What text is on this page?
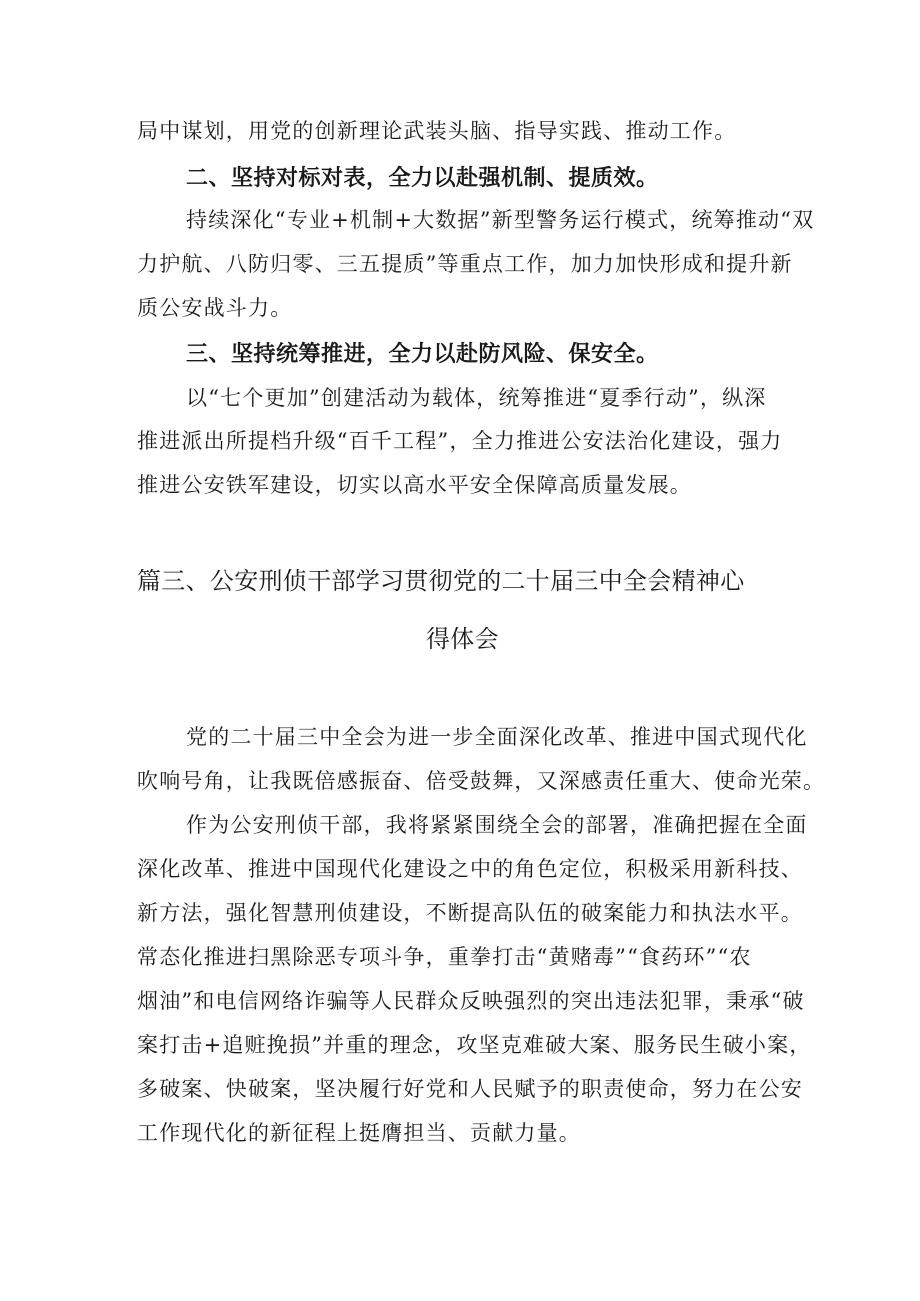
局中谋划，用党的创新理论武装头脑、指导实践、推动工作。
二、坚持对标对表，全力以赴强机制、提质效。
持续深化“专业+机制+大数据”新型警务运行模式，统筹推动“双
力护航、八防归零、三五提质”等重点工作，加力加快形成和提升新
质公安战斗力。
三、坚持统筹推进，全力以赴防风险、保安全。
以“七个更加”创建活动为载体，统筹推进“夏季行动”，纵深
推进派出所提档升级“百千工程”，全力推进公安法治化建设，强力
推进公安铁军建设，切实以高水平安全保障高质量发展。
篇三、公安刑侦干部学习贯彻党的二十届三中全会精神心
得体会
党的二十届三中全会为进一步全面深化改革、推进中国式现代化
吹响号角，让我既倍感振奋、倍受鼓舞，又深感责任重大、使命光荣。
作为公安刑侦干部，我将紧紧围绕全会的部署，准确把握在全面
深化改革、推进中国现代化建设之中的角色定位，积极采用新科技、
新方法，强化智慧刑侦建设，不断提高队伍的破案能力和执法水平。
常态化推进扫黑除恶专项斗争，重拳打击“黄赌毒”“食药环”“农
烟油”和电信网络诈骗等人民群众反映强烈的突出违法犯罪，秉承“破
案打击+追赃挽损”并重的理念，攻坚克难破大案、服务民生破小案，
多破案、快破案，坚决履行好党和人民赋予的职责使命，努力在公安
工作现代化的新征程上挺膺担当、贡献力量。
